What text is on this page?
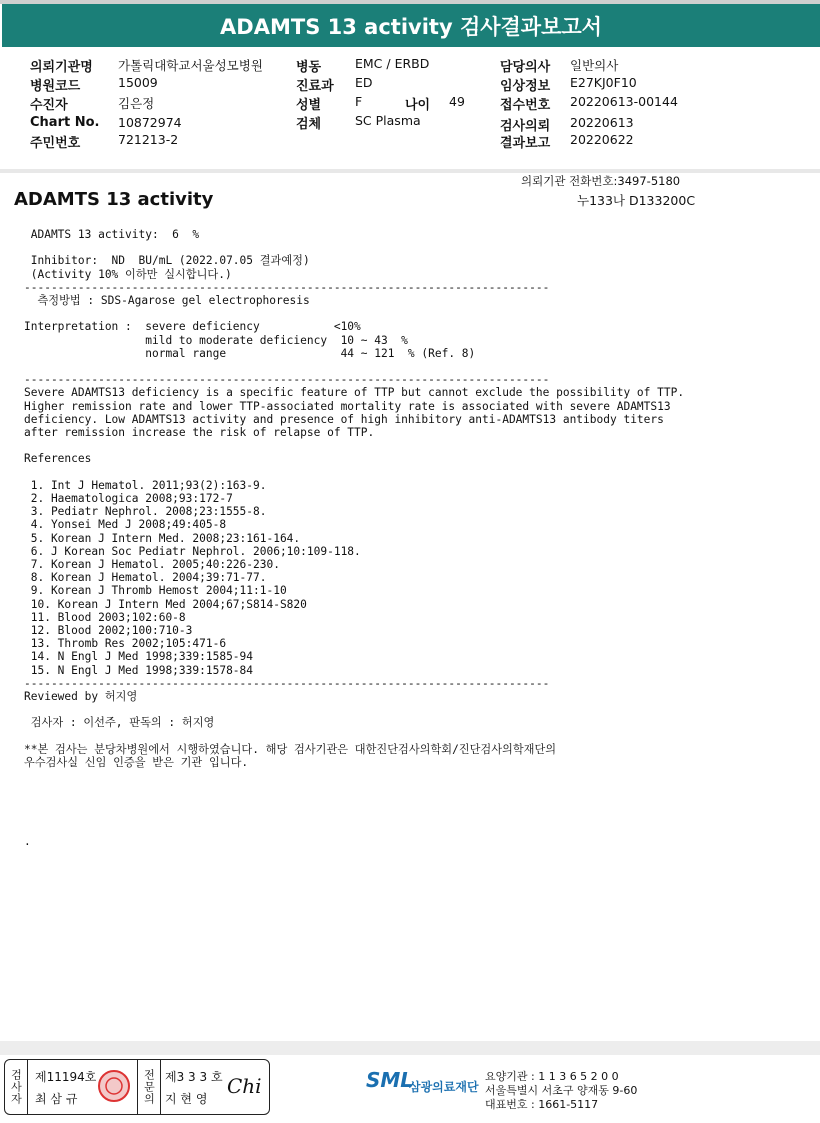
ADAMTS 13 activity 검사결과보고서
의뢰기관명 가톨릭대학교서울성모병원
병원코드	15009
수진자	김은정
Chart No. 10872974
주민번호	721213-2
병동	EMC / ERBD
진료과 ED
성별	F	나이 49
검체	SC Plasma
담당의사 일반의사
임상정보 E27KJ0F10
접수번호 20220613-00144
검사의뢰 20220613
결과보고 20220622
의뢰기관 전화번호:3497-5180
ADAMTS 13 activity	누133나 D133200C
ADAMTS 13 activity:  6  %
Inhibitor:  ND  BU/mL (2022.07.05 결과예정)
(Activity 10% 이하만 실시합니다.)
------------------------------------------------------------------------------
측정방법 : SDS-Agarose gel electrophoresis
Interpretation :  severe deficiency           <10%
mild to moderate deficiency  10 ~ 43  %
normal range                 44 ~ 121  % (Ref. 8)
------------------------------------------------------------------------------
Severe ADAMTS13 deficiency is a specific feature of TTP but cannot exclude the possibility of TTP.
Higher remission rate and lower TTP-associated mortality rate is associated with severe ADAMTS13
deficiency. Low ADAMTS13 activity and presence of high inhibitory anti-ADAMTS13 antibody titers
after remission increase the risk of relapse of TTP.
References
1. Int J Hematol. 2011;93(2):163-9.
2. Haematologica 2008;93:172-7
3. Pediatr Nephrol. 2008;23:1555-8.
4. Yonsei Med J 2008;49:405-8
5. Korean J Intern Med. 2008;23:161-164.
6. J Korean Soc Pediatr Nephrol. 2006;10:109-118.
7. Korean J Hematol. 2005;40:226-230.
8. Korean J Hematol. 2004;39:71-77.
9. Korean J Thromb Hemost 2004;11:1-10
10. Korean J Intern Med 2004;67;S814-S820
11. Blood 2003;102:60-8
12. Blood 2002;100:710-3
13. Thromb Res 2002;105:471-6
14. N Engl J Med 1998;339:1585-94
15. N Engl J Med 1998;339:1578-84
------------------------------------------------------------------------------
Reviewed by 허지영
검사자 : 이선주, 판독의 : 허지영
**본 검사는 분당차병원에서 시행하였습니다. 해당 검사기관은 대한진단검사의학회/진단검사의학재단의
우수검사실 신임 인증을 받은 기관 입니다.
.
검사자	제11194호
최 삼 규	전문의 제3 3 3 호
지 현 영
Chi	SML
삼광의료재단
요양기관 : 1 1 3 6 5 2 0 0
서울특별시 서초구 양재동 9-60
대표번호 : 1661-5117
